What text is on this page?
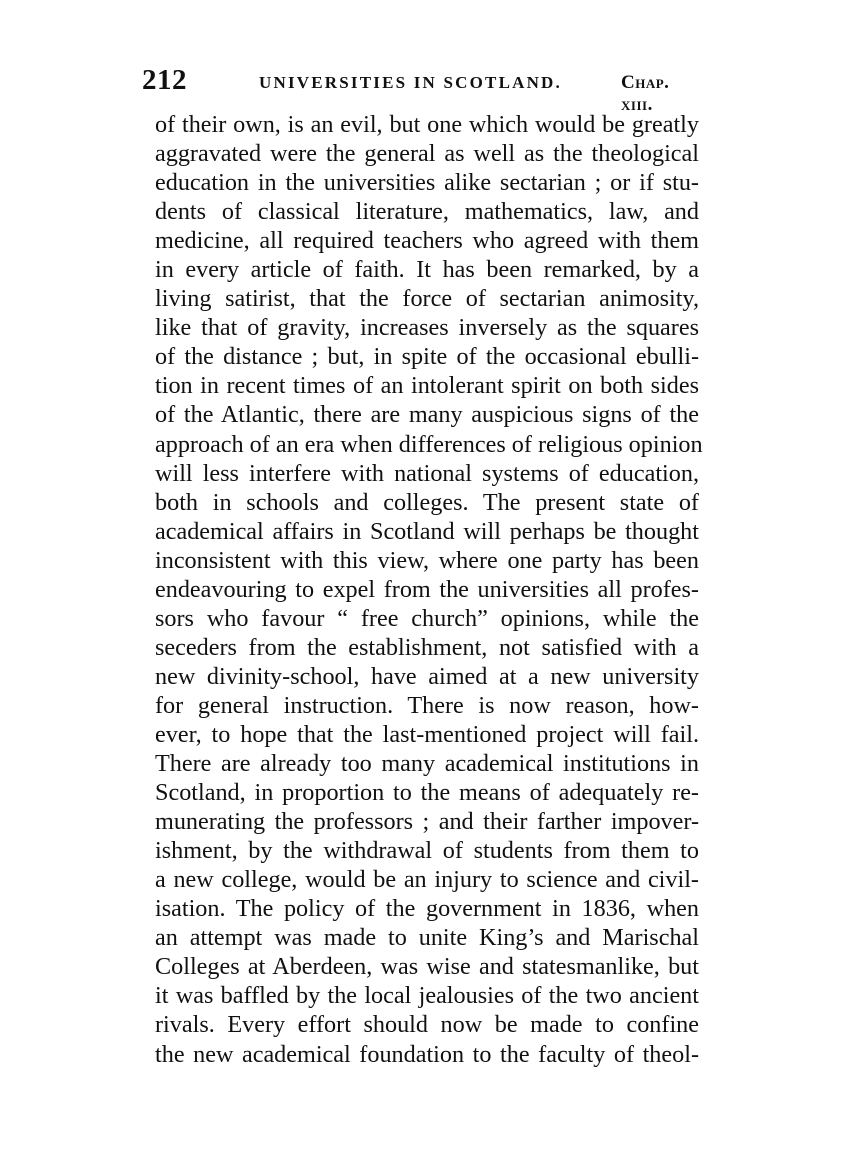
212	UNIVERSITIES IN SCOTLAND.	Chap. xiii.
of their own, is an evil, but one which would be greatly
aggravated were the general as well as the theological
education in the universities alike sectarian ; or if stu-
dents of classical literature, mathematics, law, and
medicine, all required teachers who agreed with them
in every article of faith. It has been remarked, by a
living satirist, that the force of sectarian animosity,
like that of gravity, increases inversely as the squares
of the distance ; but, in spite of the occasional ebulli-
tion in recent times of an intolerant spirit on both sides
of the Atlantic, there are many auspicious signs of the
approach of an era when differences of religious opinion
will less interfere with national systems of education,
both in schools and colleges. The present state of
academical affairs in Scotland will perhaps be thought
inconsistent with this view, where one party has been
endeavouring to expel from the universities all profes-
sors who favour “ free church” opinions, while the
seceders from the establishment, not satisfied with a
new divinity-school, have aimed at a new university
for general instruction. There is now reason, how-
ever, to hope that the last-mentioned project will fail.
There are already too many academical institutions in
Scotland, in proportion to the means of adequately re-
munerating the professors ; and their farther impover-
ishment, by the withdrawal of students from them to
a new college, would be an injury to science and civil-
isation. The policy of the government in 1836, when
an attempt was made to unite King’s and Marischal
Colleges at Aberdeen, was wise and statesmanlike, but
it was baffled by the local jealousies of the two ancient
rivals. Every effort should now be made to confine
the new academical foundation to the faculty of theol-
